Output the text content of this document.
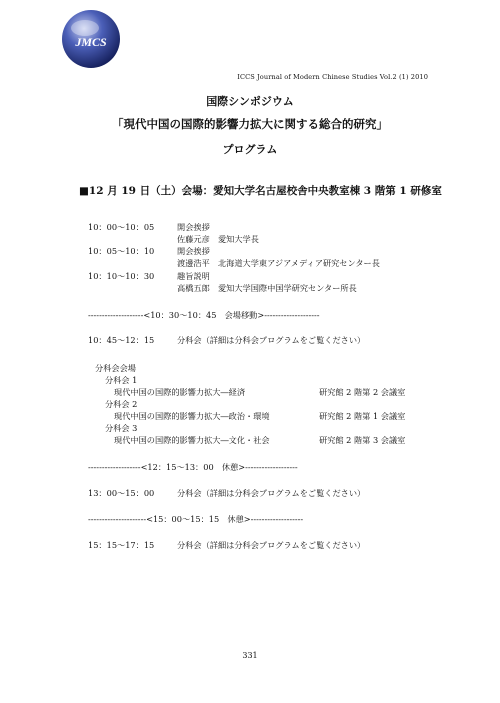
JMCS
ICCS Journal of Modern Chinese Studies Vol.2 (1) 2010
国際シンポジウム
「現代中国の国際的影響力拡大に関する総合的研究」
プログラム
■12 月 19 日（土）会場：愛知大学名古屋校舎中央教室棟 3 階第 1 研修室
10：00〜10：05	開会挨拶
佐藤元彦　愛知大学長
10：05〜10：10	開会挨拶
渡邊浩平　北海道大学東アジアメディア研究センター長
10：10〜10：30	趣旨説明
高橋五郎　愛知大学国際中国学研究センター所長
--------------------<10：30〜10：45　会場移動>--------------------
10：45〜12：15	分科会（詳細は分科会プログラムをご覧ください）
分科会会場
分科会 1
現代中国の国際的影響力拡大―経済	研究館 2 階第 2 会議室
分科会 2
現代中国の国際的影響力拡大―政治・環境	研究館 2 階第 1 会議室
分科会 3
現代中国の国際的影響力拡大―文化・社会	研究館 2 階第 3 会議室
-------------------<12：15〜13：00　休憩>-------------------
13：00〜15：00	分科会（詳細は分科会プログラムをご覧ください）
---------------------<15：00〜15：15　休憩>-------------------
15：15〜17：15	分科会（詳細は分科会プログラムをご覧ください）
331
